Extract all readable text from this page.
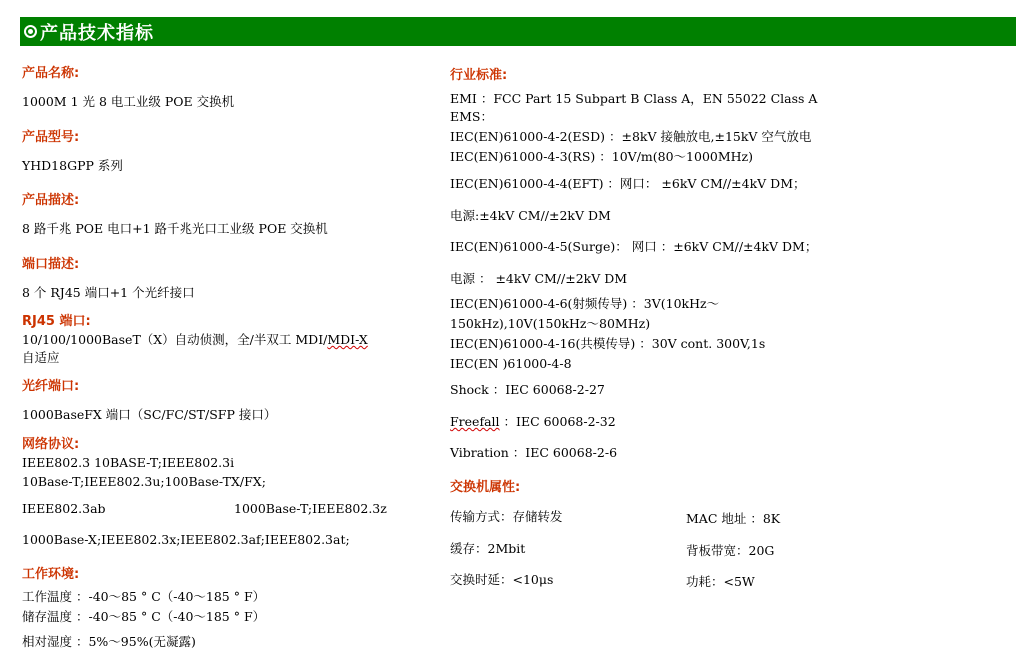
产品技术指标
产品名称:
1000M 1 光 8 电工业级 POE 交换机
产品型号:
YHD18GPP 系列
产品描述:
8 路千兆 POE 电口+1 路千兆光口工业级 POE 交换机
端口描述:
8 个 RJ45 端口+1 个光纤接口
RJ45 端口:
10/100/1000BaseT（X）自动侦测，全/半双工 MDI/MDI-X
自适应
光纤端口:
1000BaseFX 端口（SC/FC/ST/SFP 接口）
网络协议:
IEEE802.3 10BASE-T;IEEE802.3i
10Base-T;IEEE802.3u;100Base-TX/FX;
IEEE802.3ab	1000Base-T;IEEE802.3z
1000Base-X;IEEE802.3x;IEEE802.3af;IEEE802.3at;
工作环境:
工作温度 ：-40～85 ° C（-40～185 ° F）
储存温度 ：-40～85 ° C（-40～185 ° F）
相对湿度 ：5%～95%(无凝露)
行业标准:
EMI ：FCC Part 15 Subpart B Class A，EN 55022 Class A
EMS：
IEC(EN)61000-4-2(ESD) ：±8kV 接触放电,±15kV 空气放电
IEC(EN)61000-4-3(RS) ：10V/m(80～1000MHz)
IEC(EN)61000-4-4(EFT) ：网口： ±6kV CM//±4kV DM；
电源:±4kV CM//±2kV DM
IEC(EN)61000-4-5(Surge)： 网口 ：±6kV CM//±4kV DM；
电源 ： ±4kV CM//±2kV DM
IEC(EN)61000-4-6(射频传导) ：3V(10kHz～
150kHz),10V(150kHz～80MHz)
IEC(EN)61000-4-16(共模传导) ：30V cont. 300V,1s
IEC(EN )61000-4-8
Shock ：IEC 60068-2-27
Freefall ：IEC 60068-2-32
Vibration ：IEC 60068-2-6
交换机属性:
传输方式：存储转发	MAC 地址 ：8K
缓存：2Mbit	背板带宽：20G
交换时延：<10μs	功耗：<5W
